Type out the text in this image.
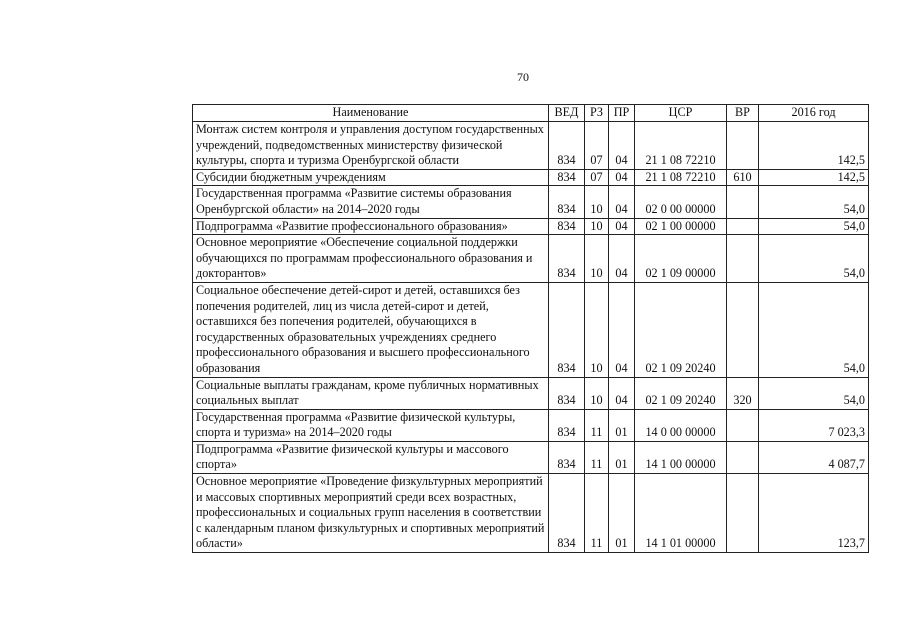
70
Наименование	ВЕД	РЗ	ПР	ЦСР	ВР	2016 год
Монтаж систем контроля и управления доступом государственных учреждений, подведомственных министерству физической культуры, спорта и туризма Оренбургской области	834	07	04	21 1 08 72210		142,5
Субсидии бюджетным учреждениям	834	07	04	21 1 08 72210	610	142,5
Государственная программа «Развитие системы образования Оренбургской области» на 2014–2020 годы	834	10	04	02 0 00 00000		54,0
Подпрограмма «Развитие профессионального образования»	834	10	04	02 1 00 00000		54,0
Основное мероприятие «Обеспечение социальной поддержки обучающихся по программам профессионального образования и докторантов»	834	10	04	02 1 09 00000		54,0
Социальное обеспечение детей-сирот и детей, оставшихся без попечения родителей, лиц из числа детей-сирот и детей, оставшихся без попечения родителей, обучающихся в государственных образовательных учреждениях среднего профессионального образования и высшего профессионального образования	834	10	04	02 1 09 20240		54,0
Социальные выплаты гражданам, кроме публичных нормативных социальных выплат	834	10	04	02 1 09 20240	320	54,0
Государственная программа «Развитие физической культуры, спорта и туризма» на 2014–2020 годы	834	11	01	14 0 00 00000		7 023,3
Подпрограмма «Развитие физической культуры и массового спорта»	834	11	01	14 1 00 00000		4 087,7
Основное мероприятие «Проведение физкультурных мероприятий и массовых спортивных мероприятий среди всех возрастных, профессиональных и социальных групп населения в соответствии с календарным планом физкультурных и спортивных мероприятий области»	834	11	01	14 1 01 00000		123,7
